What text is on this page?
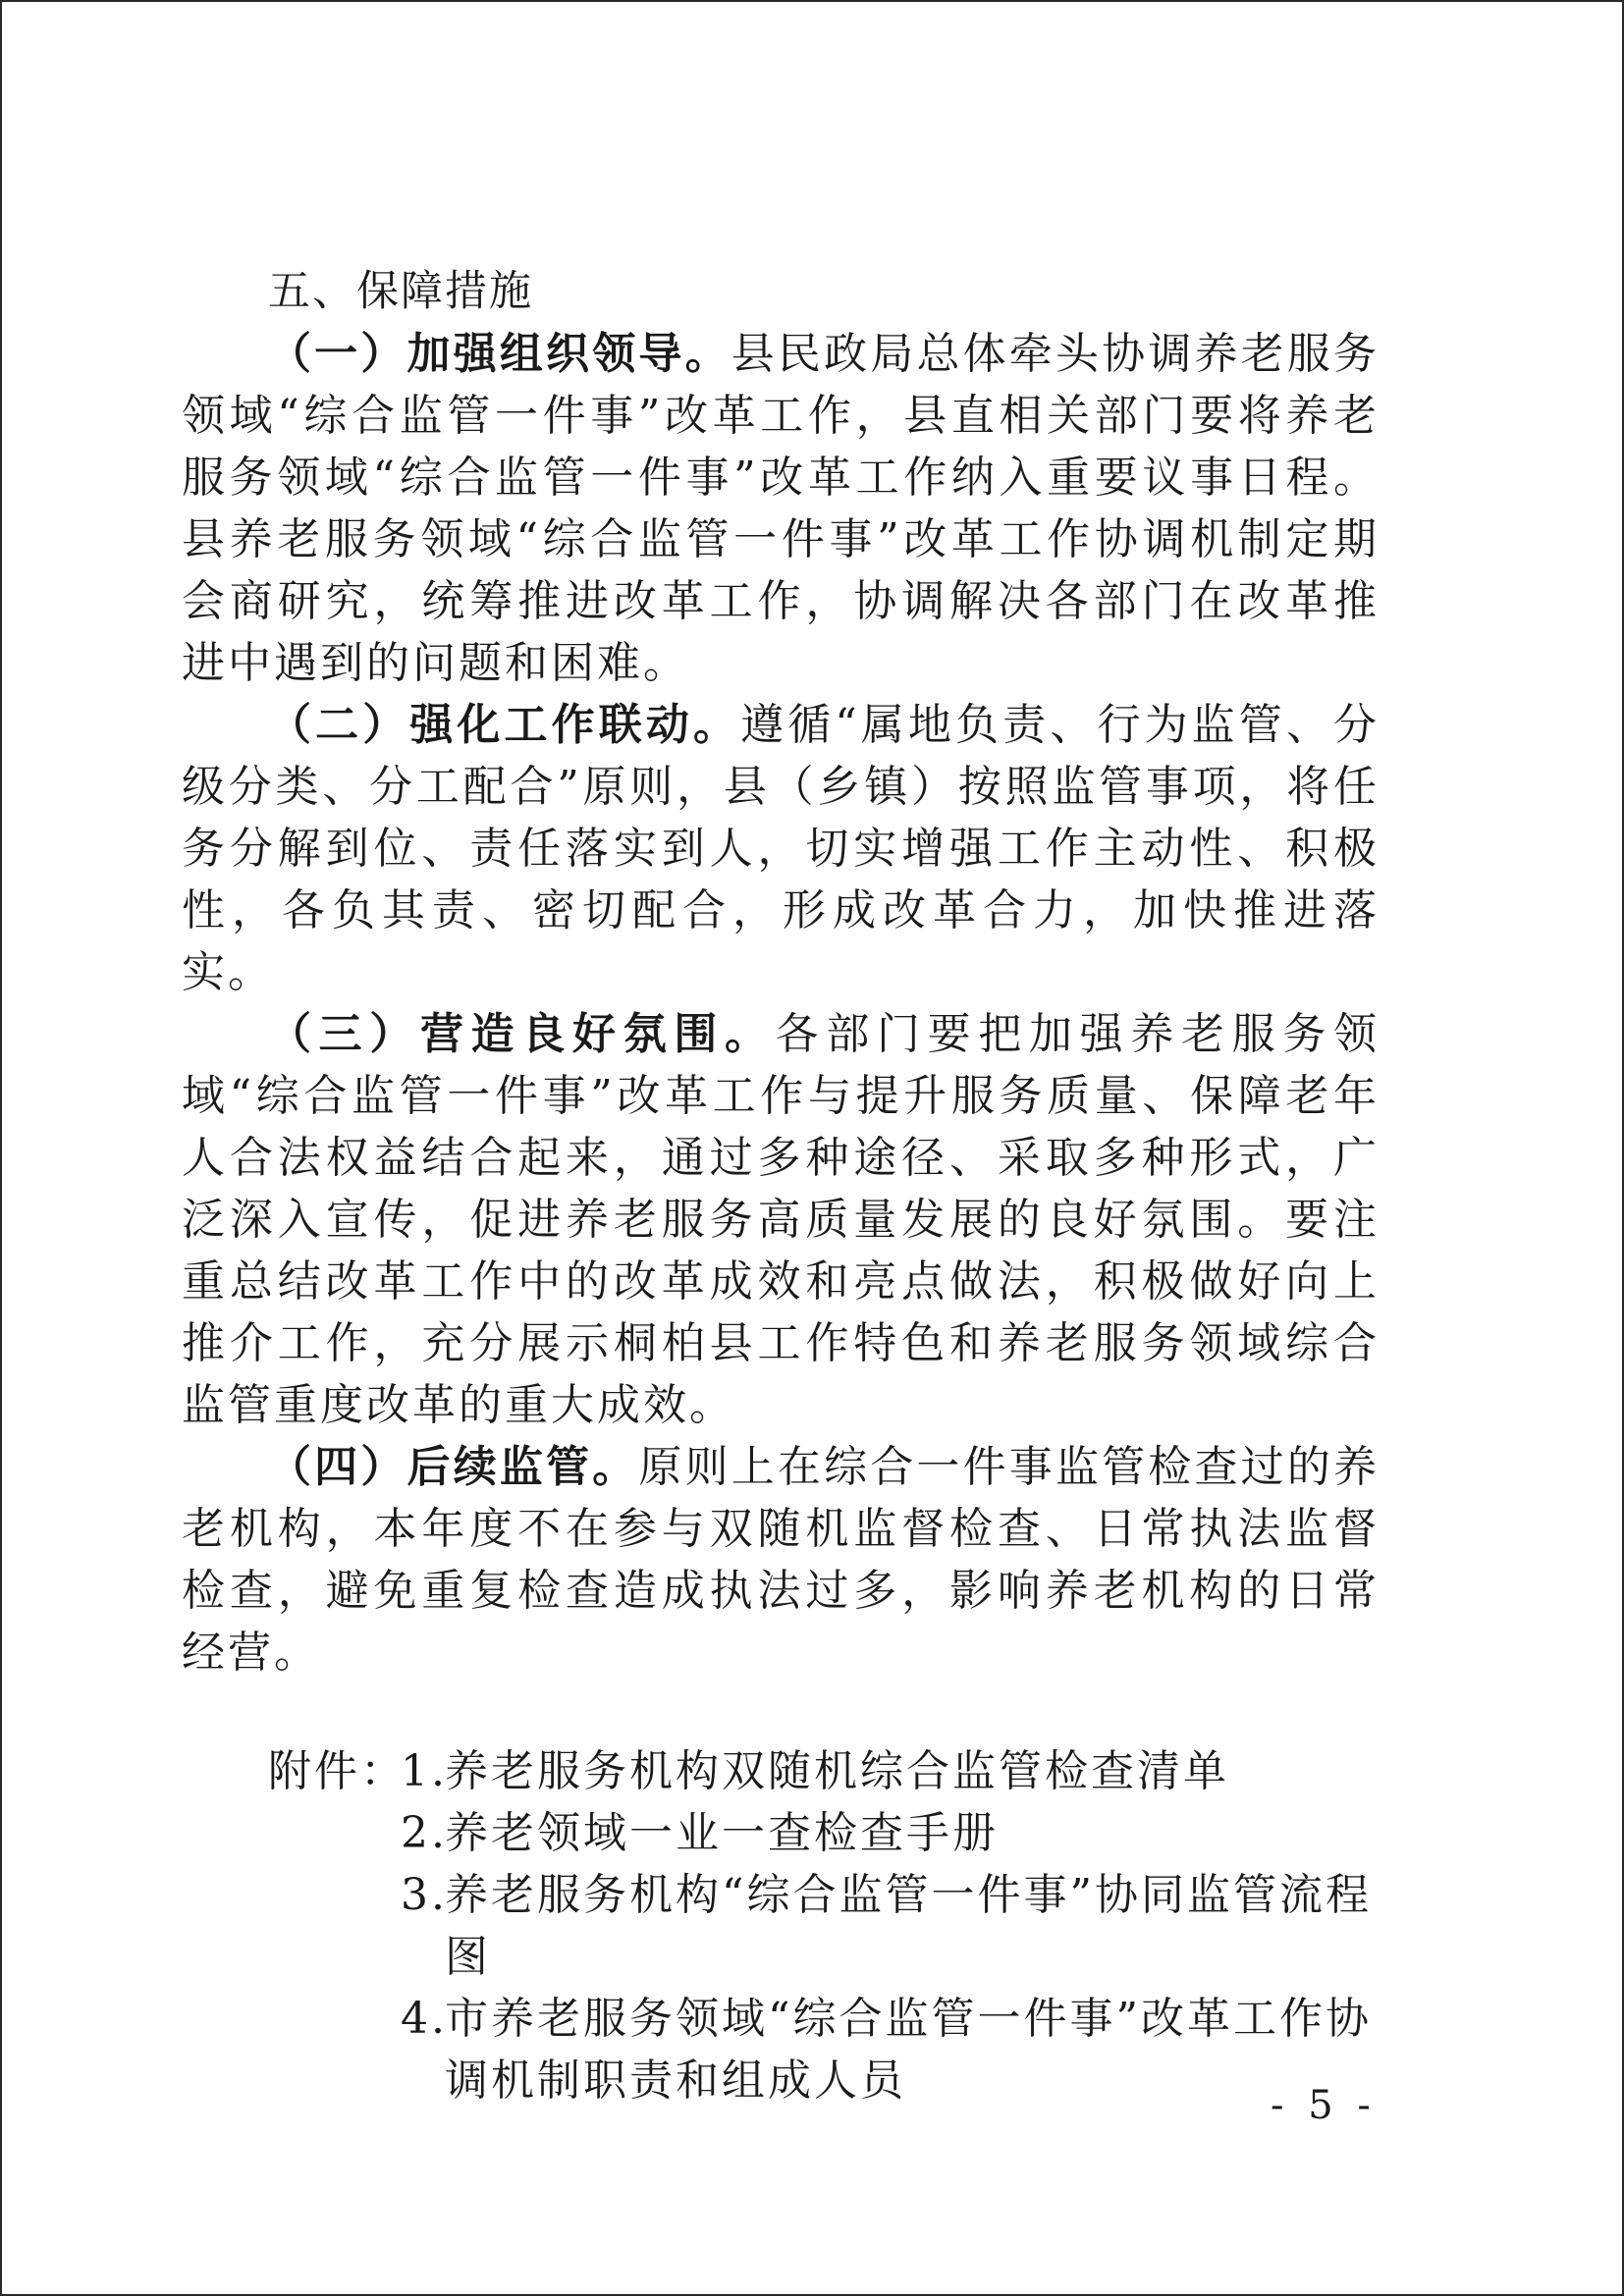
五、保障措施

（一）加强组织领导。县民政局总体牵头协调养老服务领域“综合监管一件事”改革工作，县直相关部门要将养老服务领域“综合监管一件事”改革工作纳入重要议事日程。县养老服务领域“综合监管一件事”改革工作协调机制定期会商研究，统筹推进改革工作，协调解决各部门在改革推进中遇到的问题和困难。

（二）强化工作联动。遵循“属地负责、行为监管、分级分类、分工配合”原则，县（乡镇）按照监管事项，将任务分解到位、责任落实到人，切实增强工作主动性、积极性，各负其责、密切配合，形成改革合力，加快推进落实。

（三）营造良好氛围。各部门要把加强养老服务领域“综合监管一件事”改革工作与提升服务质量、保障老年人合法权益结合起来，通过多种途径、采取多种形式，广泛深入宣传，促进养老服务高质量发展的良好氛围。要注重总结改革工作中的改革成效和亮点做法，积极做好向上推介工作，充分展示桐柏县工作特色和养老服务领域综合监管重度改革的重大成效。

（四）后续监管。原则上在综合一件事监管检查过的养老机构，本年度不在参与双随机监督检查、日常执法监督检查，避免重复检查造成执法过多，影响养老机构的日常经营。

附件：
1.
养老服务机构双随机综合监管检查清单
2.
养老领域一业一查检查手册
3.
养老服务机构“综合监管一件事”协同监管流程图
4.
市养老服务领域“综合监管一件事”改革工作协调机制职责和组成人员	- 5 -
